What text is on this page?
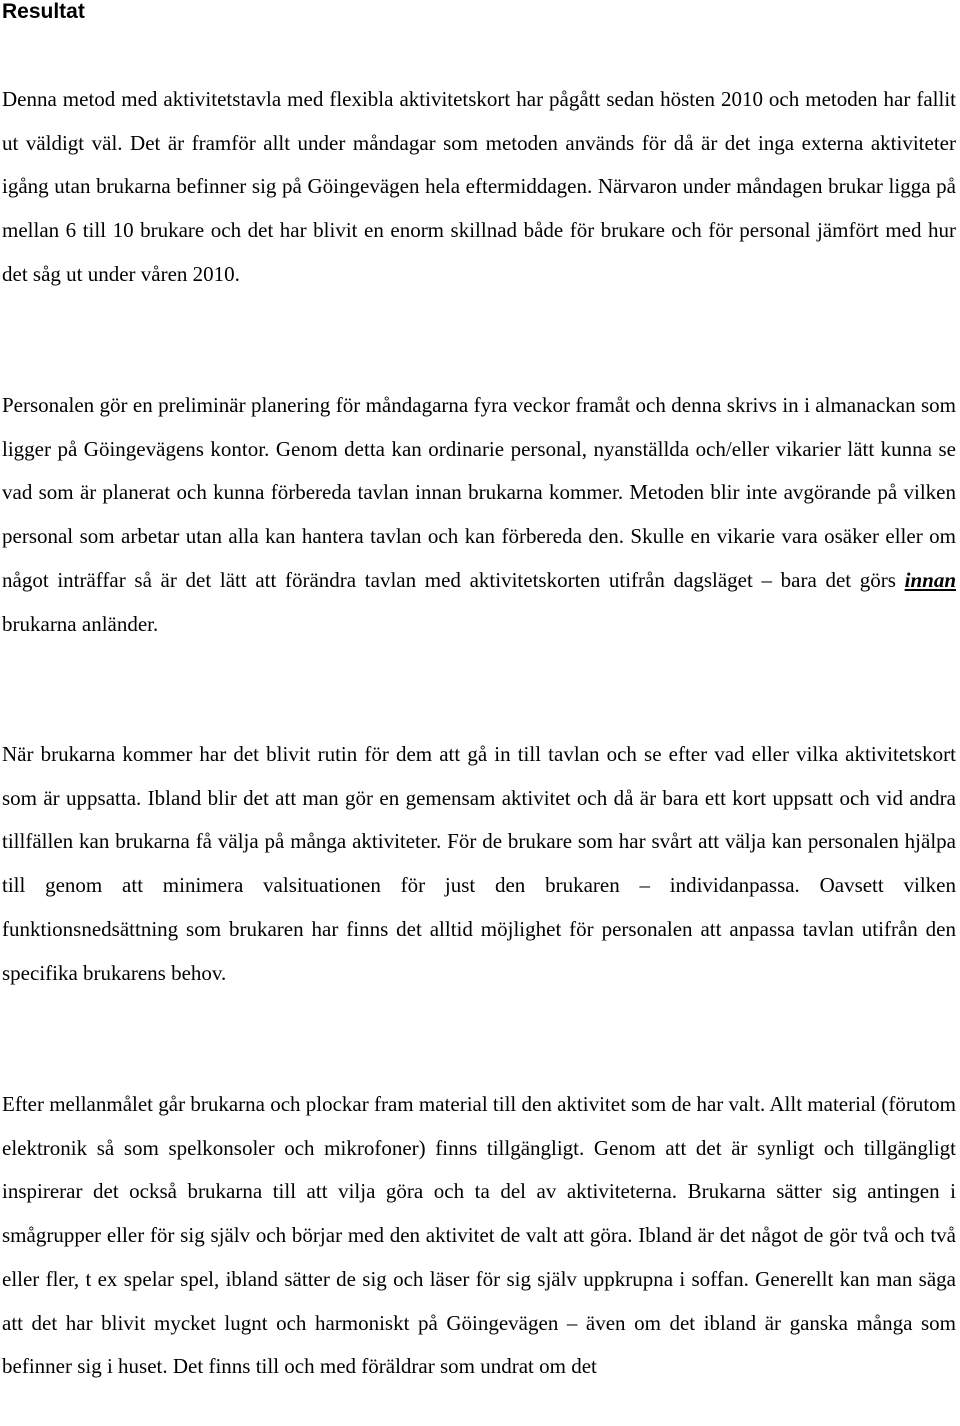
Resultat

Denna metod med aktivitetstavla med flexibla aktivitetskort har pågått sedan hösten 2010 och metoden har fallit ut väldigt väl. Det är framför allt under måndagar som metoden används för då är det inga externa aktiviteter igång utan brukarna befinner sig på Göingevägen hela eftermiddagen. Närvaron under måndagen brukar ligga på mellan 6 till 10 brukare och det har blivit en enorm skillnad både för brukare och för personal jämfört med hur det såg ut under våren 2010.

Personalen gör en preliminär planering för måndagarna fyra veckor framåt och denna skrivs in i almanackan som ligger på Göingevägens kontor. Genom detta kan ordinarie personal, nyanställda och/eller vikarier lätt kunna se vad som är planerat och kunna förbereda tavlan innan brukarna kommer. Metoden blir inte avgörande på vilken personal som arbetar utan alla kan hantera tavlan och kan förbereda den. Skulle en vikarie vara osäker eller om något inträffar så är det lätt att förändra tavlan med aktivitetskorten utifrån dagsläget – bara det görs innan brukarna anländer.

När brukarna kommer har det blivit rutin för dem att gå in till tavlan och se efter vad eller vilka aktivitetskort som är uppsatta. Ibland blir det att man gör en gemensam aktivitet och då är bara ett kort uppsatt och vid andra tillfällen kan brukarna få välja på många aktiviteter. För de brukare som har svårt att välja kan personalen hjälpa till genom att minimera valsituationen för just den brukaren – individanpassa. Oavsett vilken funktionsnedsättning som brukaren har finns det alltid möjlighet för personalen att anpassa tavlan utifrån den specifika brukarens behov.

Efter mellanmålet går brukarna och plockar fram material till den aktivitet som de har valt. Allt material (förutom elektronik så som spelkonsoler och mikrofoner) finns tillgängligt. Genom att det är synligt och tillgängligt inspirerar det också brukarna till att vilja göra och ta del av aktiviteterna. Brukarna sätter sig antingen i smågrupper eller för sig själv och börjar med den aktivitet de valt att göra. Ibland är det något de gör två och två eller fler, t ex spelar spel, ibland sätter de sig och läser för sig själv uppkrupna i soffan. Generellt kan man säga att det har blivit mycket lugnt och harmoniskt på Göingevägen – även om det ibland är ganska många som befinner sig i huset. Det finns till och med föräldrar som undrat om det
